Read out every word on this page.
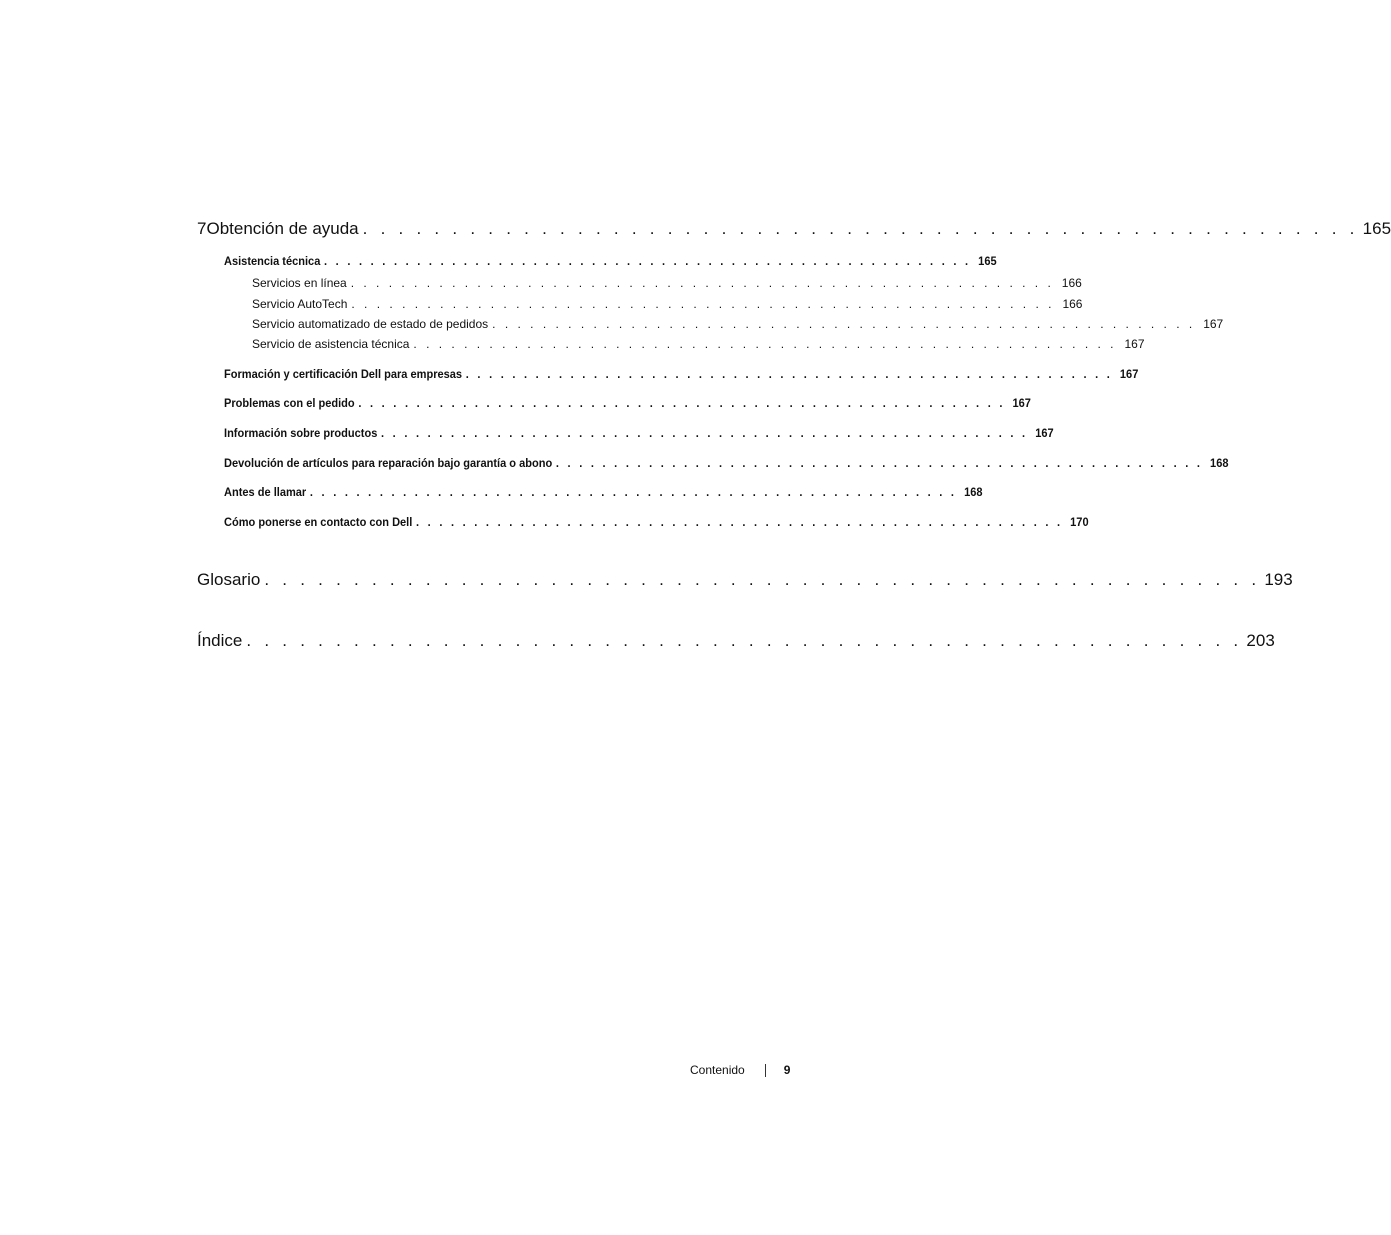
7 Obtención de ayuda . . . . . . . . . . . . . . . . . . . . . . . . . . . . . . . . . . . . . . . . . . . . . . . . . . . . . . . . 165
Asistencia técnica . . . . . . . . . . . . . . . . . . . . . . . . . . . . . . . . . . . . . . . . . . . . . . . . . . . . . . . . 165
Servicios en línea . . . . . . . . . . . . . . . . . . . . . . . . . . . . . . . . . . . . . . . . . . . . . . . . . . . . . . . . 166
Servicio AutoTech . . . . . . . . . . . . . . . . . . . . . . . . . . . . . . . . . . . . . . . . . . . . . . . . . . . . . . . . 166
Servicio automatizado de estado de pedidos . . . . . . . . . . . . . . . . . . . . . . . . . . . . . . . . . . . . . . . . . . . . . . . . . . . . . . . . 167
Servicio de asistencia técnica . . . . . . . . . . . . . . . . . . . . . . . . . . . . . . . . . . . . . . . . . . . . . . . . . . . . . . . . 167
Formación y certificación Dell para empresas . . . . . . . . . . . . . . . . . . . . . . . . . . . . . . . . . . . . . . . . . . . . . . . . . . . . . . . . 167
Problemas con el pedido . . . . . . . . . . . . . . . . . . . . . . . . . . . . . . . . . . . . . . . . . . . . . . . . . . . . . . . . 167
Información sobre productos . . . . . . . . . . . . . . . . . . . . . . . . . . . . . . . . . . . . . . . . . . . . . . . . . . . . . . . . 167
Devolución de artículos para reparación bajo garantía o abono . . . . . . . . . . . . . . . . . . . . . . . . . . . . . . . . . . . . . . . . . . . . . . . . . . . . . . . . 168
Antes de llamar . . . . . . . . . . . . . . . . . . . . . . . . . . . . . . . . . . . . . . . . . . . . . . . . . . . . . . . . 168
Cómo ponerse en contacto con Dell . . . . . . . . . . . . . . . . . . . . . . . . . . . . . . . . . . . . . . . . . . . . . . . . . . . . . . . . 170
Glosario . . . . . . . . . . . . . . . . . . . . . . . . . . . . . . . . . . . . . . . . . . . . . . . . . . . . . . . . 193
Índice . . . . . . . . . . . . . . . . . . . . . . . . . . . . . . . . . . . . . . . . . . . . . . . . . . . . . . . . 203
Contenido	9
